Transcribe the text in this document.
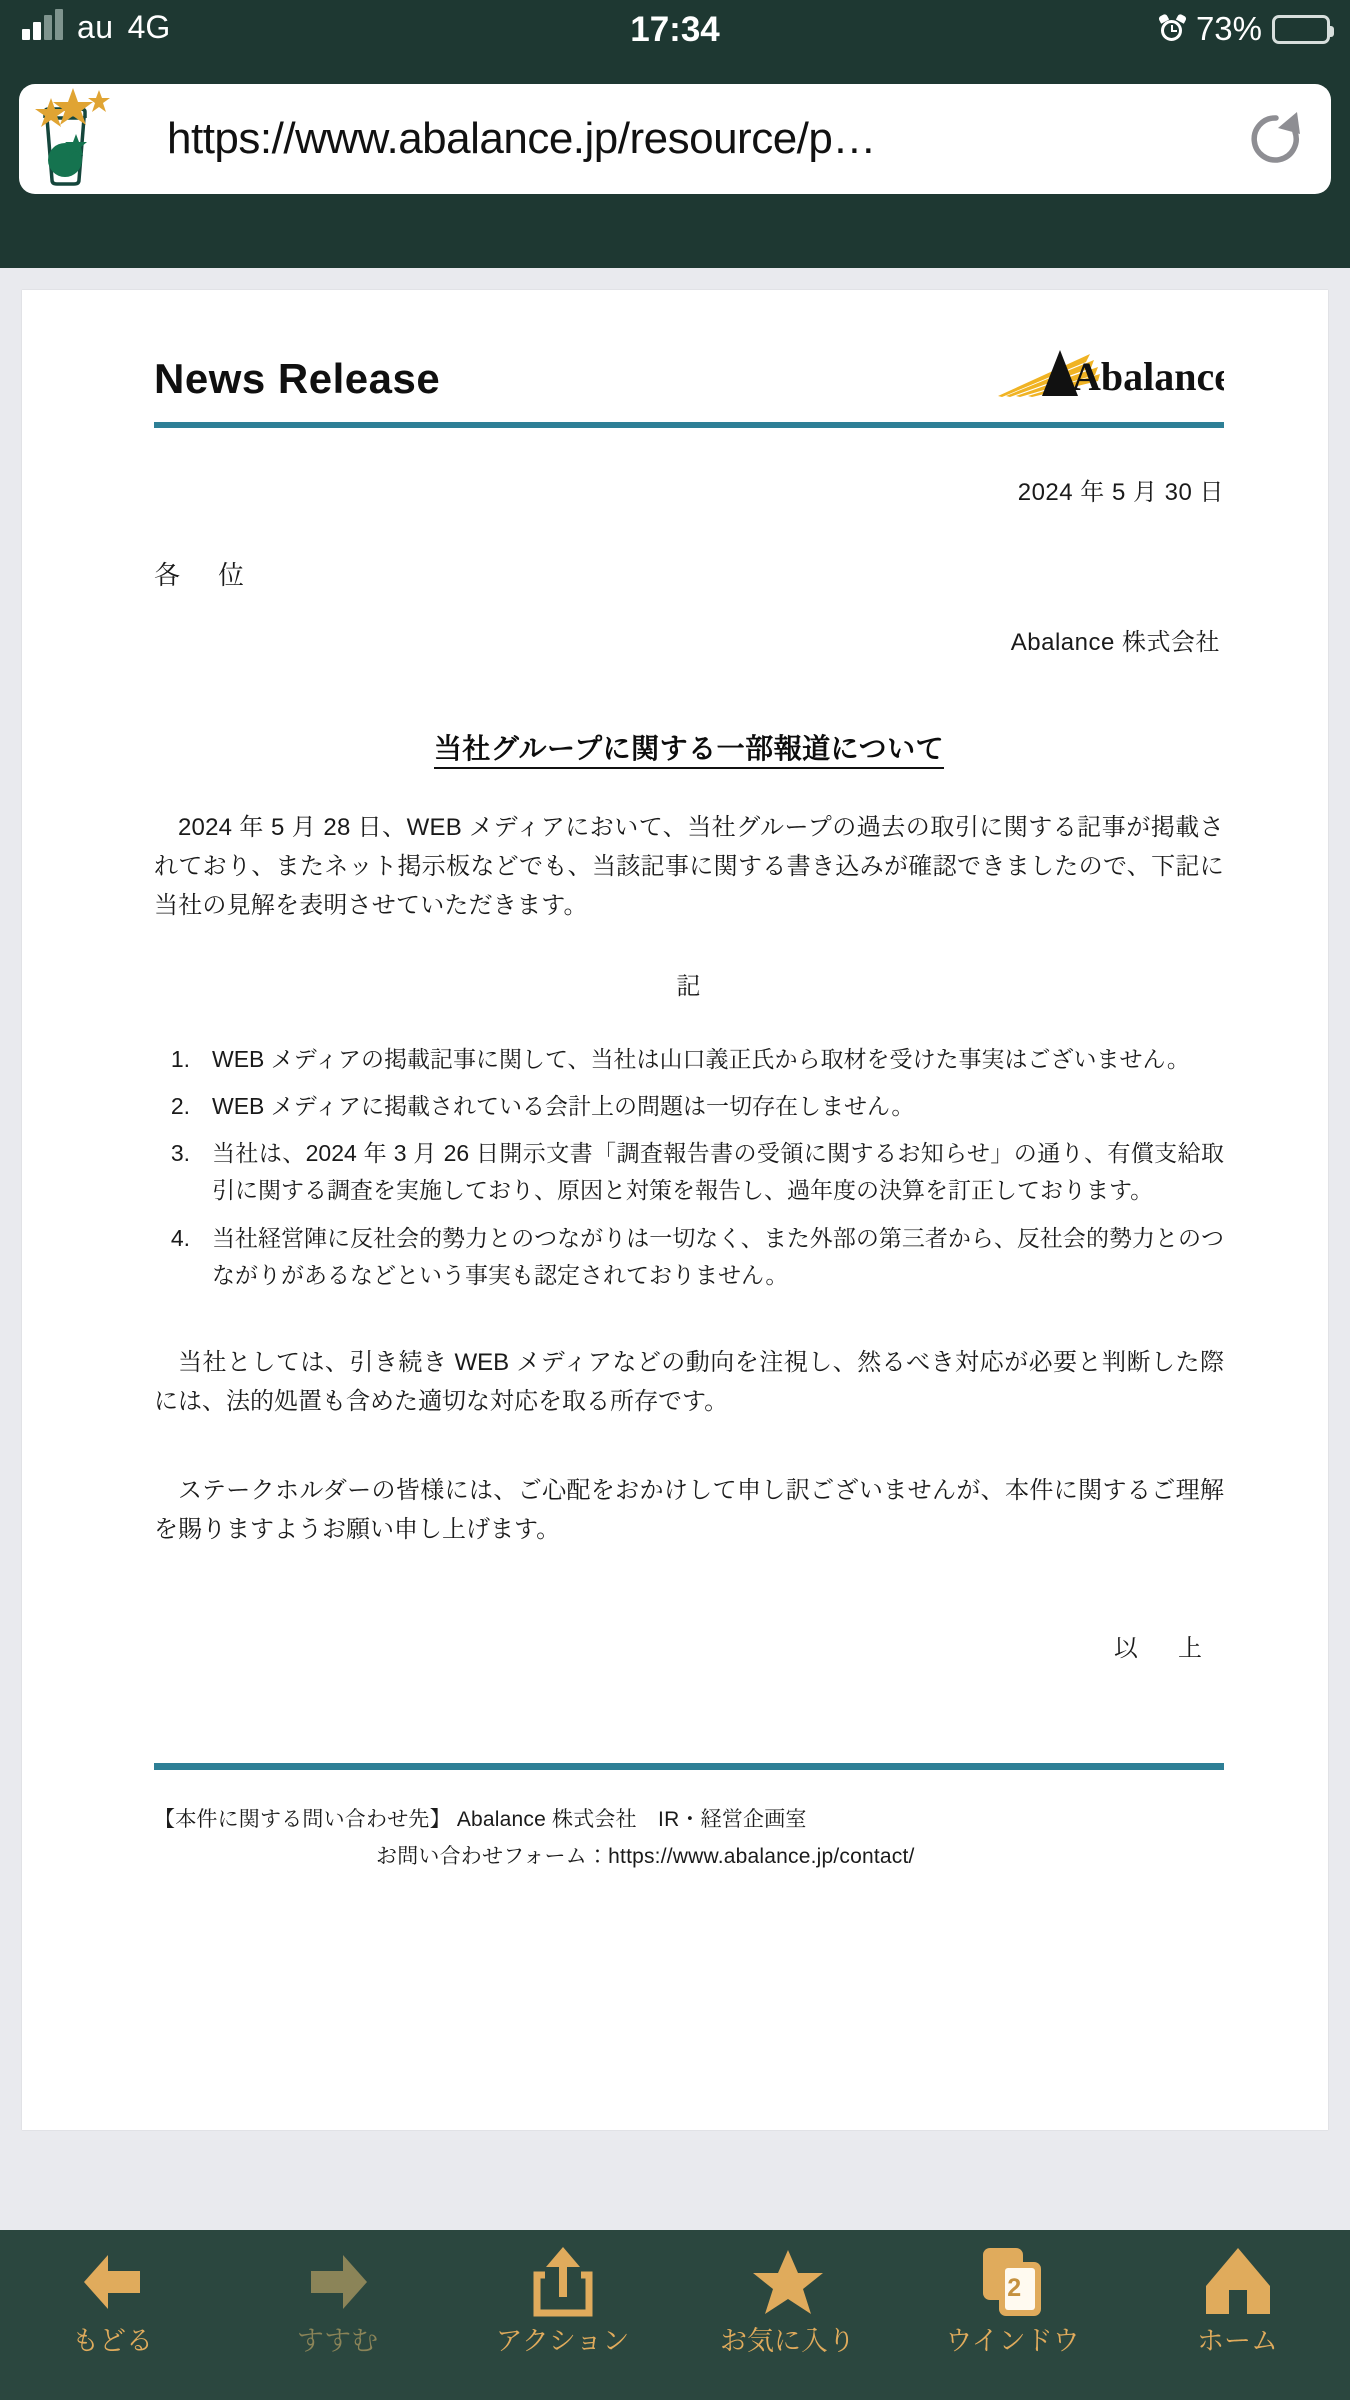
au 4G	17:34	73%
https://www.abalance.jp/resource/p…
News Release	Abalance
2024 年 5 月 30 日
各　位
Abalance 株式会社
当社グループに関する一部報道について
2024 年 5 月 28 日、WEB メディアにおいて、当社グループの過去の取引に関する記事が掲載されており、またネット掲示板などでも、当該記事に関する書き込みが確認できましたので、下記に当社の見解を表明させていただきます。
記
1. WEB メディアの掲載記事に関して、当社は山口義正氏から取材を受けた事実はございません。
2. WEB メディアに掲載されている会計上の問題は一切存在しません。
3. 当社は、2024 年 3 月 26 日開示文書「調査報告書の受領に関するお知らせ」の通り、有償支給取引に関する調査を実施しており、原因と対策を報告し、過年度の決算を訂正しております。
4. 当社経営陣に反社会的勢力とのつながりは一切なく、また外部の第三者から、反社会的勢力とのつながりがあるなどという事実も認定されておりません。
当社としては、引き続き WEB メディアなどの動向を注視し、然るべき対応が必要と判断した際には、法的処置も含めた適切な対応を取る所存です。
ステークホルダーの皆様には、ご心配をおかけして申し訳ございませんが、本件に関するご理解を賜りますようお願い申し上げます。
以　上
【本件に関する問い合わせ先】 Abalance 株式会社　IR・経営企画室
お問い合わせフォーム：https://www.abalance.jp/contact/
もどる	すすむ	アクション	お気に入り
2
ウインドウ	ホーム
